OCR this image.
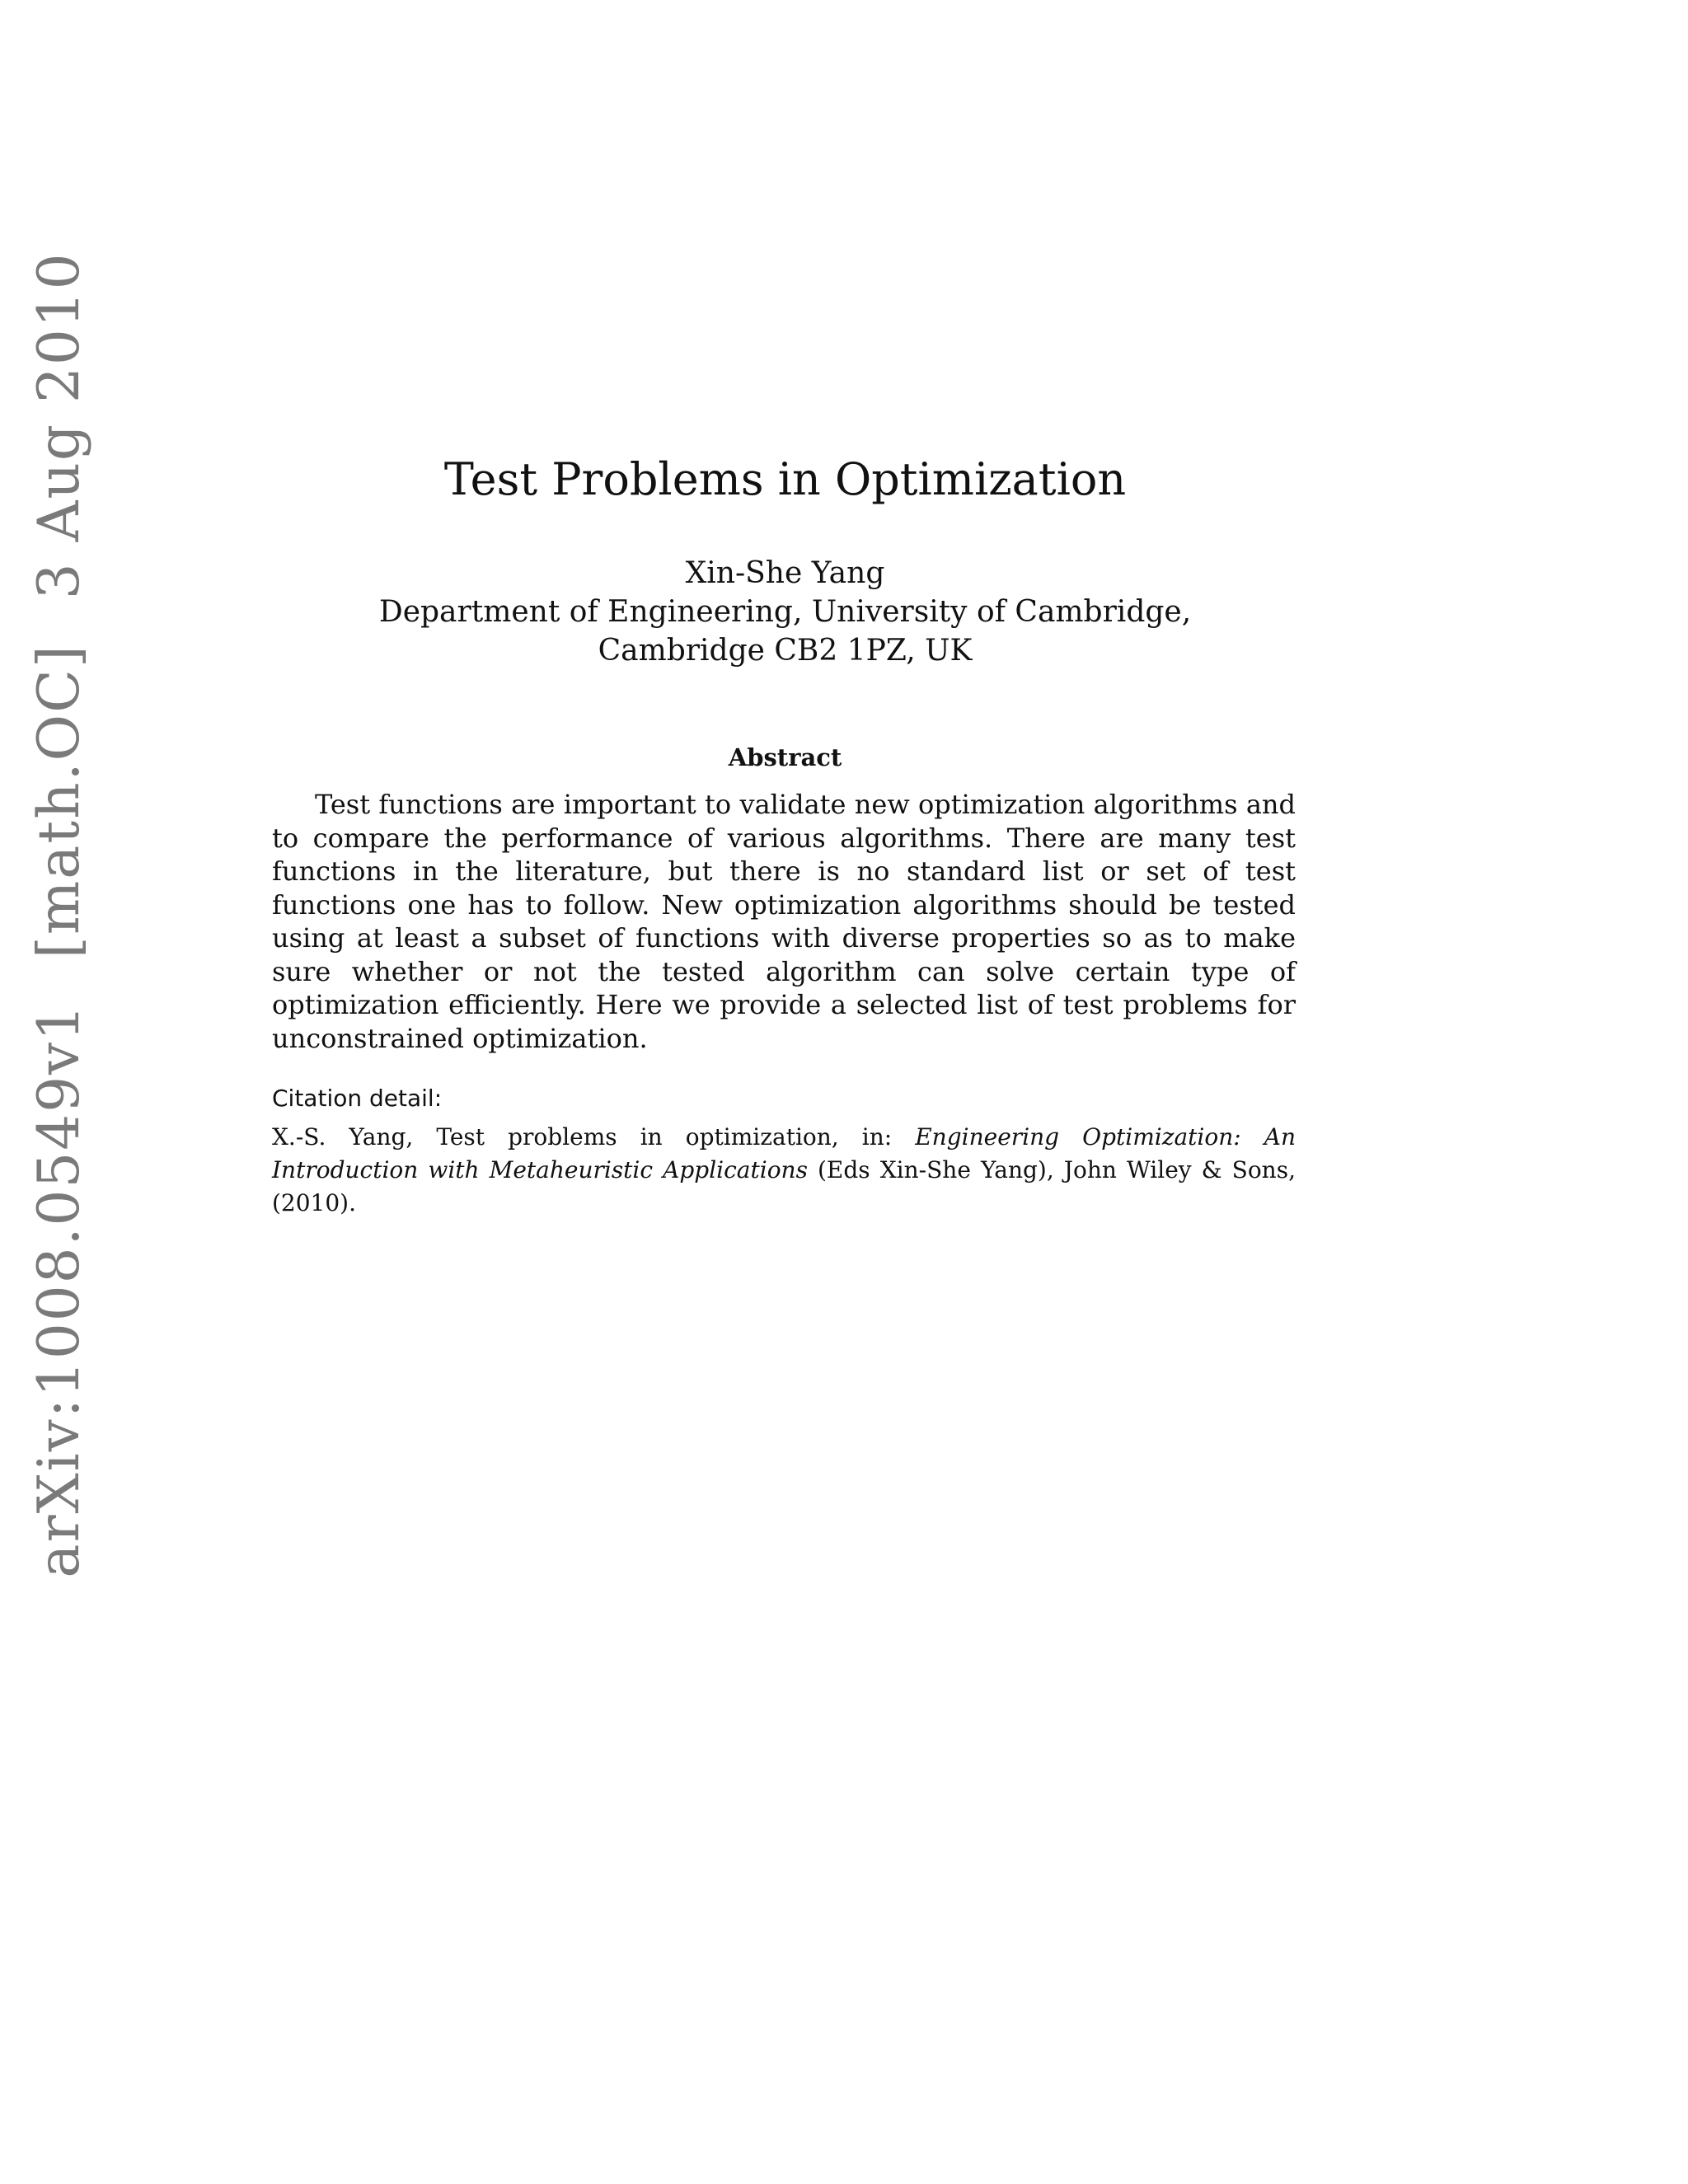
arXiv:1008.0549v1 [math.OC] 3 Aug 2010	Test Problems in Optimization
Xin-She Yang
Department of Engineering, University of Cambridge,
Cambridge CB2 1PZ, UK
Abstract

Test functions are important to validate new optimization algorithms and to compare the performance of various algorithms. There are many test functions in the literature, but there is no standard list or set of test functions one has to follow. New optimization algorithms should be tested using at least a subset of functions with diverse properties so as to make sure whether or not the tested algorithm can solve certain type of optimization efficiently. Here we provide a selected list of test problems for unconstrained optimization.

Citation detail:

X.-S. Yang, Test problems in optimization, in: Engineering Optimization: An Introduction with Metaheuristic Applications (Eds Xin-She Yang), John Wiley & Sons, (2010).
